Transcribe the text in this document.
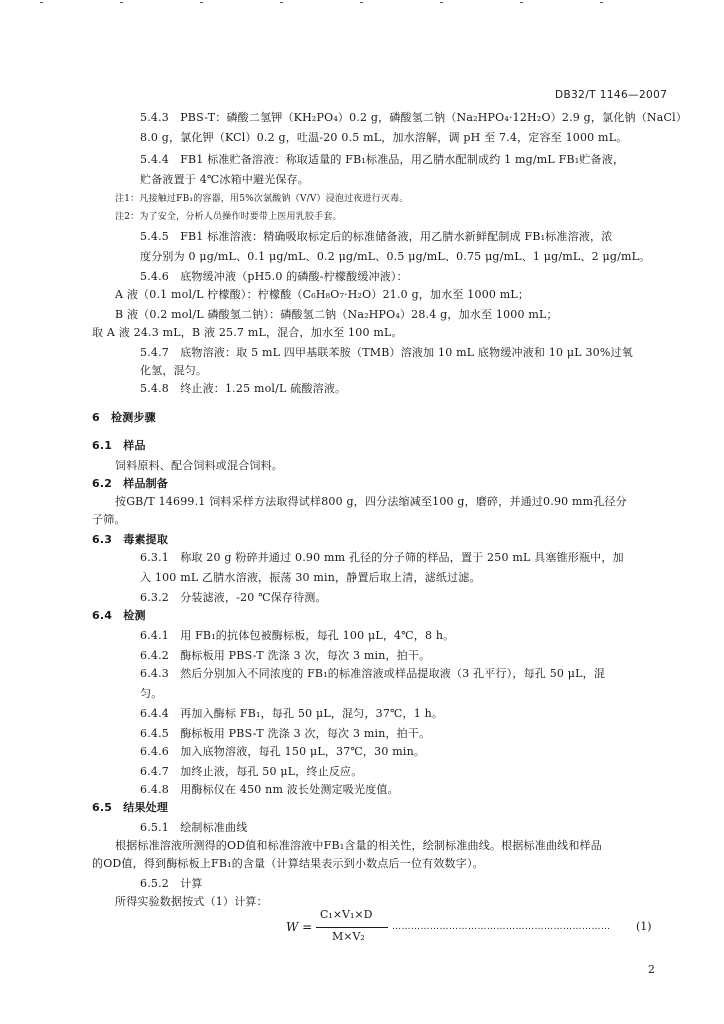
DB32/T 1146—2007
5.4.3　PBS-T：磷酸二氢钾（KH₂PO₄）0.2 g，磷酸氢二钠（Na₂HPO₄·12H₂O）2.9 g，氯化钠（NaCl）
8.0 g，氯化钾（KCl）0.2 g，吐温-20 0.5 mL，加水溶解，调 pH 至 7.4，定容至 1000 mL。
5.4.4　FB1 标准贮备溶液：称取适量的 FB₁标准品，用乙腈水配制成约 1 mg/mL FB₁贮备液，
贮备液置于 4℃冰箱中避光保存。
注1：凡接触过FB₁的容器，用5%次氯酸钠（V/V）浸泡过夜进行灭毒。
注2：为了安全，分析人员操作时要带上医用乳胶手套。
5.4.5　FB1 标准溶液：精确吸取标定后的标准储备液，用乙腈水新鲜配制成 FB₁标准溶液，浓
度分别为 0 μg/mL、0.1 μg/mL、0.2 μg/mL、0.5 μg/mL、0.75 μg/mL、1 μg/mL、2 μg/mL。
5.4.6　底物缓冲液（pH5.0 的磷酸-柠檬酸缓冲液）：
A 液（0.1 mol/L 柠檬酸）：柠檬酸（C₆H₈O₇·H₂O）21.0 g，加水至 1000 mL；
B 液（0.2 mol/L 磷酸氢二钠）：磷酸氢二钠（Na₂HPO₄）28.4 g，加水至 1000 mL；
取 A 液 24.3 mL，B 液 25.7 mL，混合，加水至 100 mL。
5.4.7　底物溶液：取 5 mL 四甲基联苯胺（TMB）溶液加 10 mL 底物缓冲液和 10 μL 30%过氧
化氢，混匀。
5.4.8　终止液：1.25 mol/L 硫酸溶液。
6　检测步骤
6.1　样品
饲料原料、配合饲料或混合饲料。
6.2　样品制备
按GB/T 14699.1 饲料采样方法取得试样800 g，四分法缩减至100 g，磨碎，并通过0.90 mm孔径分
子筛。
6.3　毒素提取
6.3.1　称取 20 g 粉碎并通过 0.90 mm 孔径的分子筛的样品，置于 250 mL 具塞锥形瓶中，加
入 100 mL 乙腈水溶液，振荡 30 min，静置后取上清，滤纸过滤。
6.3.2　分装滤液，-20 ℃保存待测。
6.4　检测
6.4.1　用 FB₁的抗体包被酶标板，每孔 100 μL，4℃，8 h。
6.4.2　酶标板用 PBS-T 洗涤 3 次，每次 3 min，拍干。
6.4.3　然后分别加入不同浓度的 FB₁的标准溶液或样品提取液（3 孔平行），每孔 50 μL，混
匀。
6.4.4　再加入酶标 FB₁，每孔 50 μL，混匀，37℃，1 h。
6.4.5　酶标板用 PBS-T 洗涤 3 次，每次 3 min，拍干。
6.4.6　加入底物溶液，每孔 150 μL，37℃，30 min。
6.4.7　加终止液，每孔 50 μL，终止反应。
6.4.8　用酶标仪在 450 nm 波长处测定吸光度值。
6.5　结果处理
6.5.1　绘制标准曲线
根据标准溶液所测得的OD值和标准溶液中FB₁含量的相关性，绘制标准曲线。根据标准曲线和样品
的OD值，得到酶标板上FB₁的含量（计算结果表示到小数点后一位有效数字）。
6.5.2　计算
所得实验数据按式（1）计算：
W =
C₁×V₁×D
M×V₂
……………………………………………………………	(1)
2
